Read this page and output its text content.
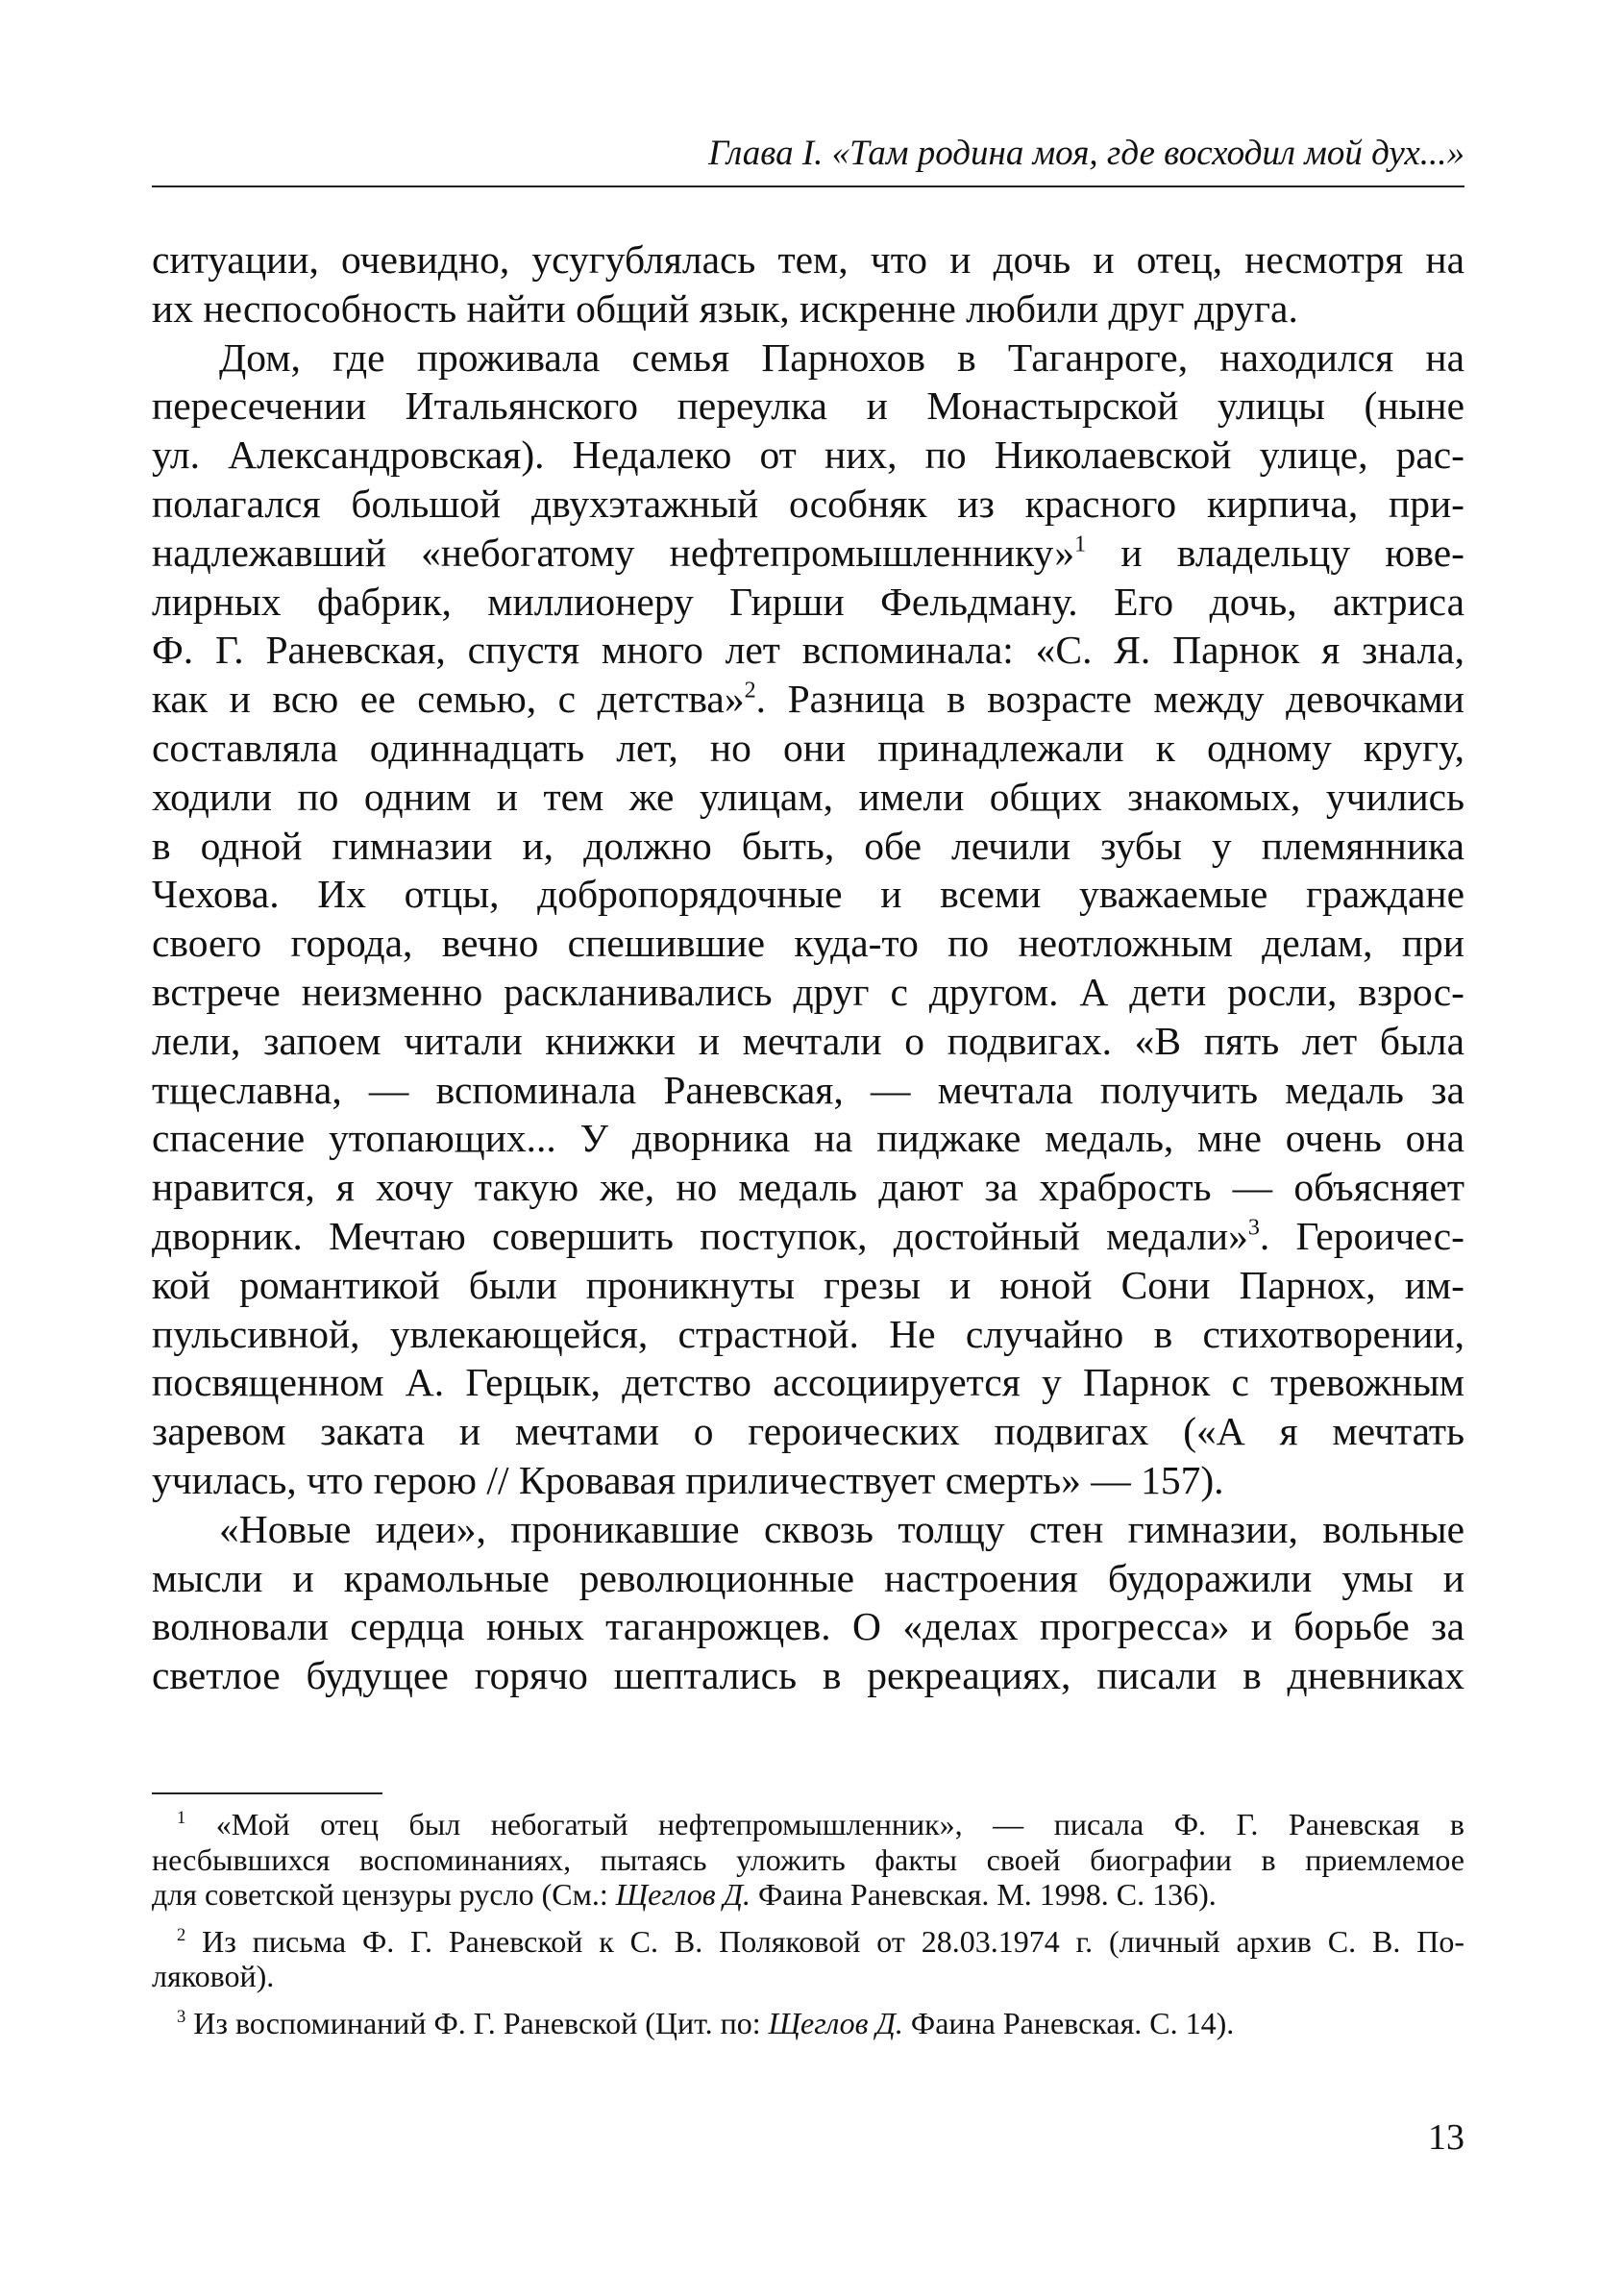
Глава I. «Там родина моя, где восходил мой дух...»
ситуации, очевидно, усугублялась тем, что и дочь и отец, несмотря на
их неспособность найти общий язык, искренне любили друг друга.
Дом, где проживала семья Парнохов в Таганроге, находился на
пересечении Итальянского переулка и Монастырской улицы (ныне
ул. Александровская). Недалеко от них, по Николаевской улице, рас-
полагался большой двухэтажный особняк из красного кирпича, при-
надлежавший «небогатому нефтепромышленнику»$^1$ и владельцу юве-
лирных фабрик, миллионеру Гирши Фельдману. Его дочь, актриса
Ф. Г. Раневская, спустя много лет вспоминала: «С. Я. Парнок я знала,
как и всю ее семью, с детства»$^2$. Разница в возрасте между девочками
составляла одиннадцать лет, но они принадлежали к одному кругу,
ходили по одним и тем же улицам, имели общих знакомых, учились
в одной гимназии и, должно быть, обе лечили зубы у племянника
Чехова. Их отцы, добропорядочные и всеми уважаемые граждане
своего города, вечно спешившие куда-то по неотложным делам, при
встрече неизменно раскланивались друг с другом. А дети росли, взрос-
лели, запоем читали книжки и мечтали о подвигах. «В пять лет была
тщеславна, — вспоминала Раневская, — мечтала получить медаль за
спасение утопающих... У дворника на пиджаке медаль, мне очень она
нравится, я хочу такую же, но медаль дают за храбрость — объясняет
дворник. Мечтаю совершить поступок, достойный медали»$^3$. Героичес-
кой романтикой были проникнуты грезы и юной Сони Парнох, им-
пульсивной, увлекающейся, страстной. Не случайно в стихотворении,
посвященном А. Герцык, детство ассоциируется у Парнок с тревожным
заревом заката и мечтами о героических подвигах («А я мечтать
училась, что герою // Кровавая приличествует смерть» — 157).
«Новые идеи», проникавшие сквозь толщу стен гимназии, вольные
мысли и крамольные революционные настроения будоражили умы и
волновали сердца юных таганрожцев. О «делах прогресса» и борьбе за
светлое будущее горячо шептались в рекреациях, писали в дневниках
$^1$ «Мой отец был небогатый нефтепромышленник», — писала Ф. Г. Раневская в
несбывшихся воспоминаниях, пытаясь уложить факты своей биографии в приемлемое
для советской цензуры русло (См.: Щеглов Д. Фаина Раневская. М. 1998. С. 136).
$^2$ Из письма Ф. Г. Раневской к С. В. Поляковой от 28.03.1974 г. (личный архив С. В. По-
ляковой).
$^3$ Из воспоминаний Ф. Г. Раневской (Цит. по: Щеглов Д. Фаина Раневская. С. 14).
13
